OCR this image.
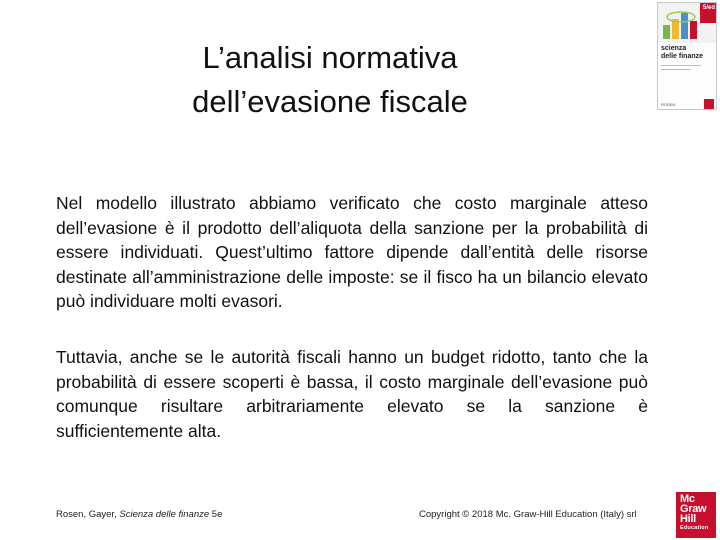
L’analisi normativa
dell’evasione fiscale
5/ed
scienza
delle finanze
ROSEN
Nel modello illustrato abbiamo verificato che costo marginale atteso dell’evasione è il prodotto dell’aliquota della sanzione per la probabilità di essere individuati. Quest’ultimo fattore dipende dall’entità delle risorse destinate all’amministrazione delle imposte: se il fisco ha un bilancio elevato può individuare molti evasori.
Tuttavia, anche se le autorità fiscali hanno un budget ridotto, tanto che la probabilità di essere scoperti è bassa, il costo marginale dell’evasione può comunque risultare arbitrariamente elevato se la sanzione è sufficientemente alta.
Rosen, Gayer, Scienza delle finanze 5e	Copyright © 2018 Mc. Graw-Hill Education (Italy) srl
Mc
Graw
Hill
Education
